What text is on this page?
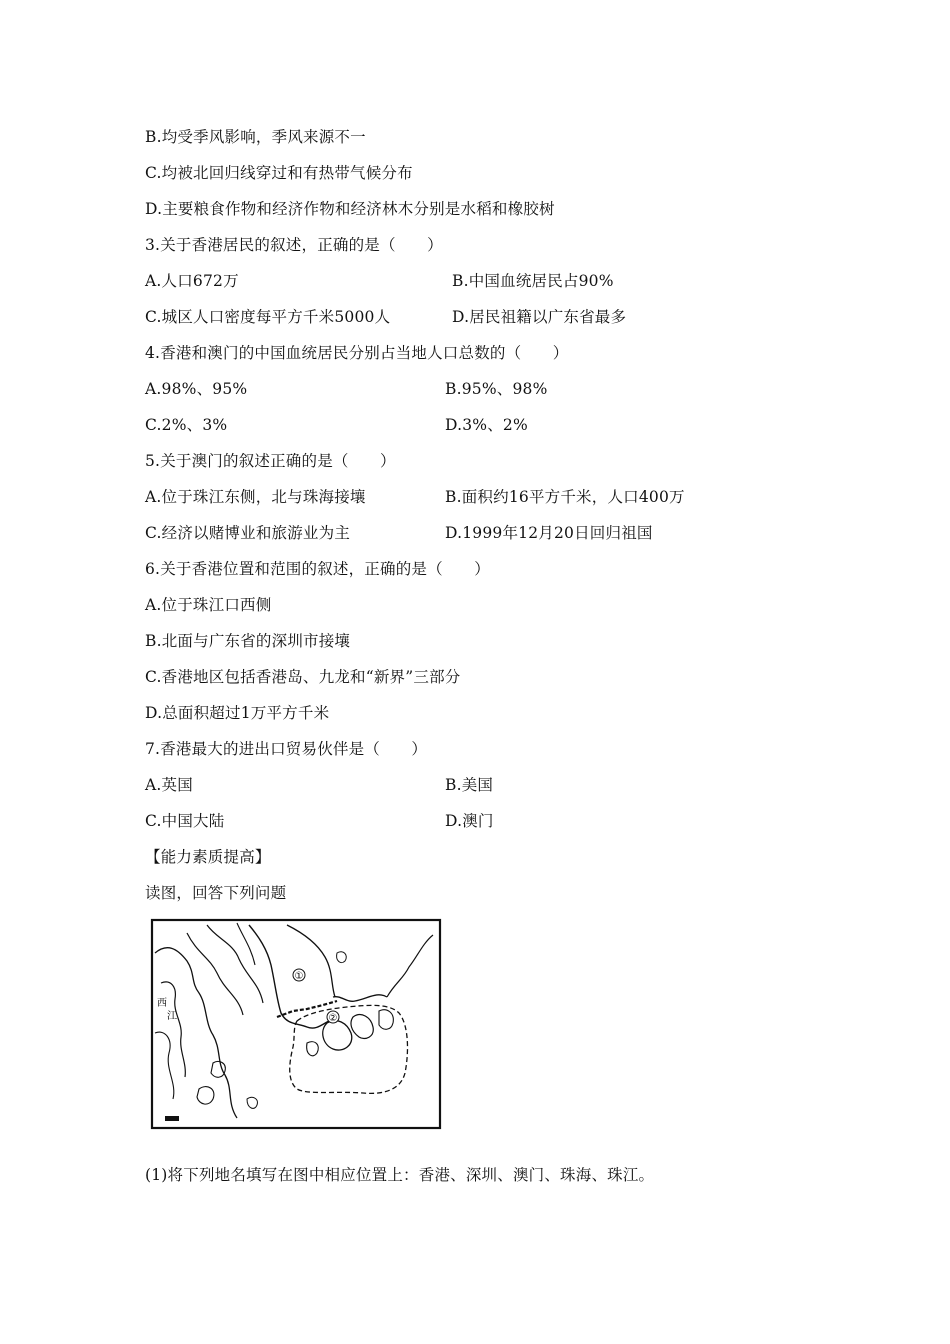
B.均受季风影响，季风来源不一
C.均被北回归线穿过和有热带气候分布
D.主要粮食作物和经济作物和经济林木分别是水稻和橡胶树
3.关于香港居民的叙述，正确的是（　　）
A.人口672万	B.中国血统居民占90%
C.城区人口密度每平方千米5000人	D.居民祖籍以广东省最多
4.香港和澳门的中国血统居民分别占当地人口总数的（　　）
A.98%、95%	B.95%、98%
C.2%、3%	D.3%、2%
5.关于澳门的叙述正确的是（　　）
A.位于珠江东侧，北与珠海接壤	B.面积约16平方千米，人口400万
C.经济以赌博业和旅游业为主	D.1999年12月20日回归祖国
6.关于香港位置和范围的叙述，正确的是（　　）
A.位于珠江口西侧
B.北面与广东省的深圳市接壤
C.香港地区包括香港岛、九龙和“新界”三部分
D.总面积超过1万平方千米
7.香港最大的进出口贸易伙伴是（　　）
A.英国	B.美国
C.中国大陆	D.澳门
【能力素质提高】
读图，回答下列问题
①
②
西
江
(1)将下列地名填写在图中相应位置上：香港、深圳、澳门、珠海、珠江。
